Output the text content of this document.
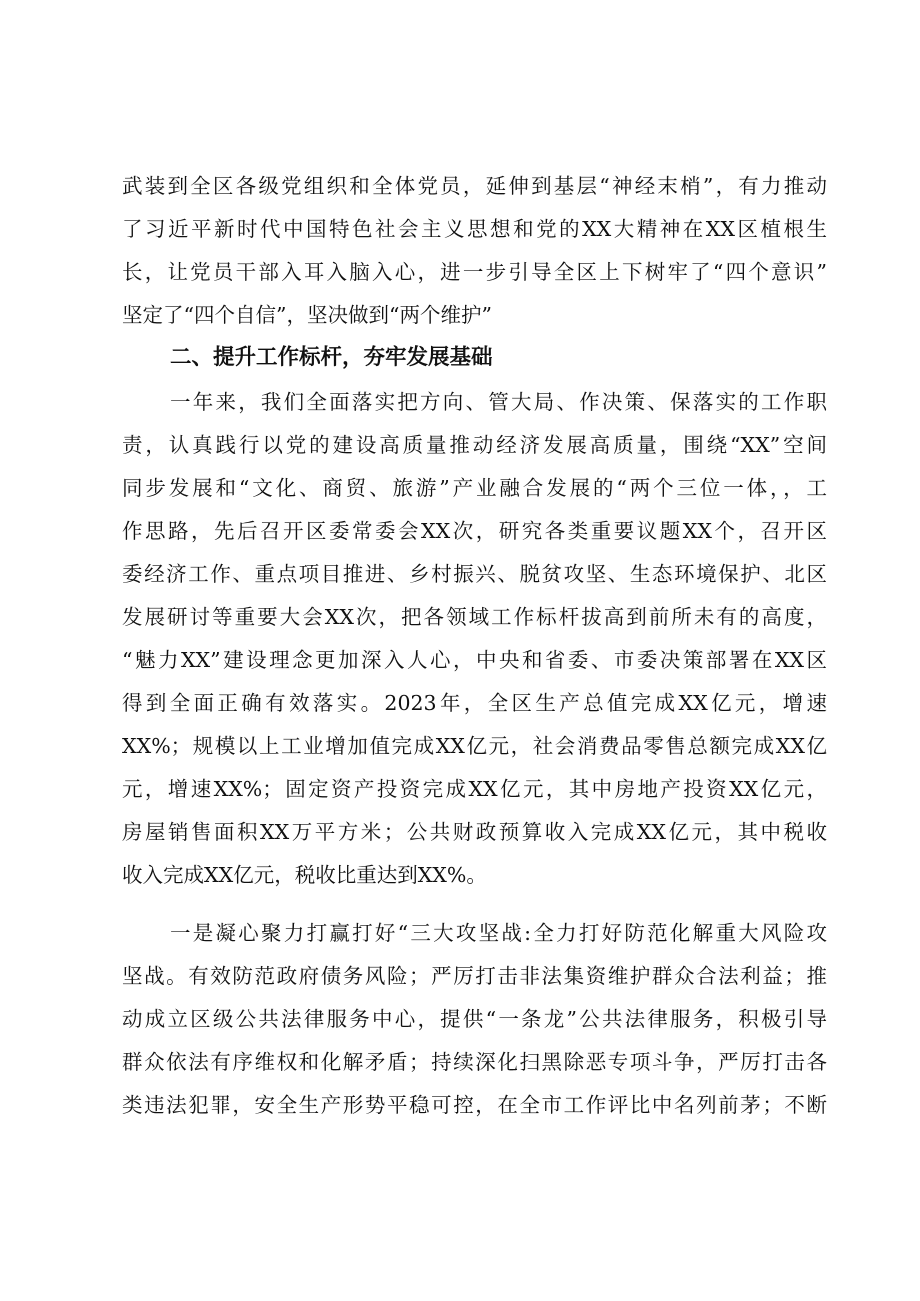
武装到全区各级党组织和全体党员，延伸到基层“神经末梢”，有力推动
了习近平新时代中国特色社会主义思想和党的XX大精神在XX区植根生
长，让党员干部入耳入脑入心，进一步引导全区上下树牢了“四个意识”
坚定了“四个自信”，坚决做到“两个维护”
二、提升工作标杆，夯牢发展基础
一年来，我们全面落实把方向、管大局、作决策、保落实的工作职
责，认真践行以党的建设高质量推动经济发展高质量，围绕“XX”空间
同步发展和“文化、商贸、旅游”产业融合发展的“两个三位一体，，工
作思路，先后召开区委常委会XX次，研究各类重要议题XX个，召开区
委经济工作、重点项目推进、乡村振兴、脱贫攻坚、生态环境保护、北区
发展研讨等重要大会XX次，把各领域工作标杆拔高到前所未有的高度，
“魅力XX”建设理念更加深入人心，中央和省委、市委决策部署在XX区
得到全面正确有效落实。2023年，全区生产总值完成XX亿元，增速
XX%；规模以上工业增加值完成XX亿元，社会消费品零售总额完成XX亿
元，增速XX%；固定资产投资完成XX亿元，其中房地产投资XX亿元，
房屋销售面积XX万平方米；公共财政预算收入完成XX亿元，其中税收
收入完成XX亿元，税收比重达到XX%。
一是凝心聚力打赢打好“三大攻坚战:全力打好防范化解重大风险攻
坚战。有效防范政府债务风险；严厉打击非法集资维护群众合法利益；推
动成立区级公共法律服务中心，提供“一条龙”公共法律服务，积极引导
群众依法有序维权和化解矛盾；持续深化扫黑除恶专项斗争，严厉打击各
类违法犯罪，安全生产形势平稳可控，在全市工作评比中名列前茅；不断
